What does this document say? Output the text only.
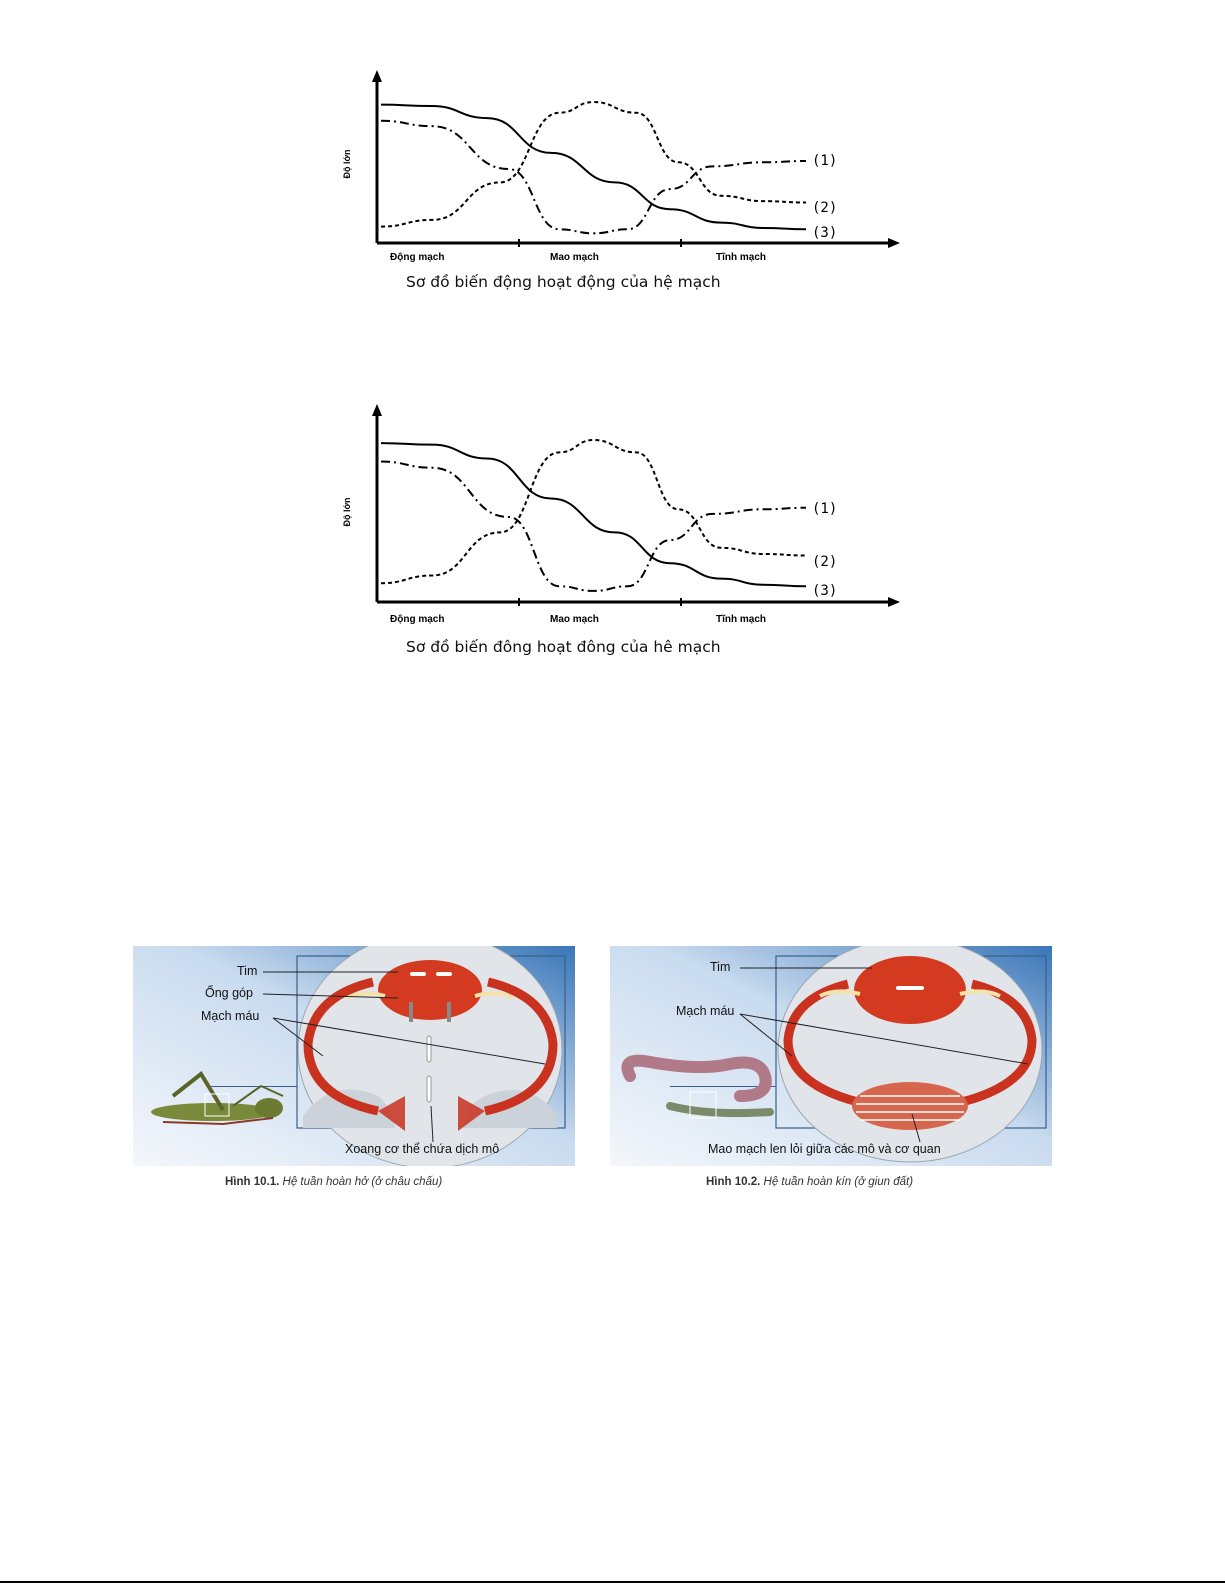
Độ lớn
Động mạch	Mao mạch	Tĩnh mạch
(1)
(2)
(3)
Sơ đồ biến động hoạt động của hệ mạch
Độ lớn
Động mạch	Mao mạch	Tĩnh mạch
(1)
(2)
(3)
Sơ đồ biến đông hoạt đông của hê mạch
Tim
Ống góp
Mạch máu
Xoang cơ thể chứa dịch mô
Hình 10.1. Hệ tuần hoàn hở (ở châu chấu)
Tim
Mạch máu
Mao mạch len lỏi giữa các mô và cơ quan
Hình 10.2. Hệ tuần hoàn kín (ở giun đất)
